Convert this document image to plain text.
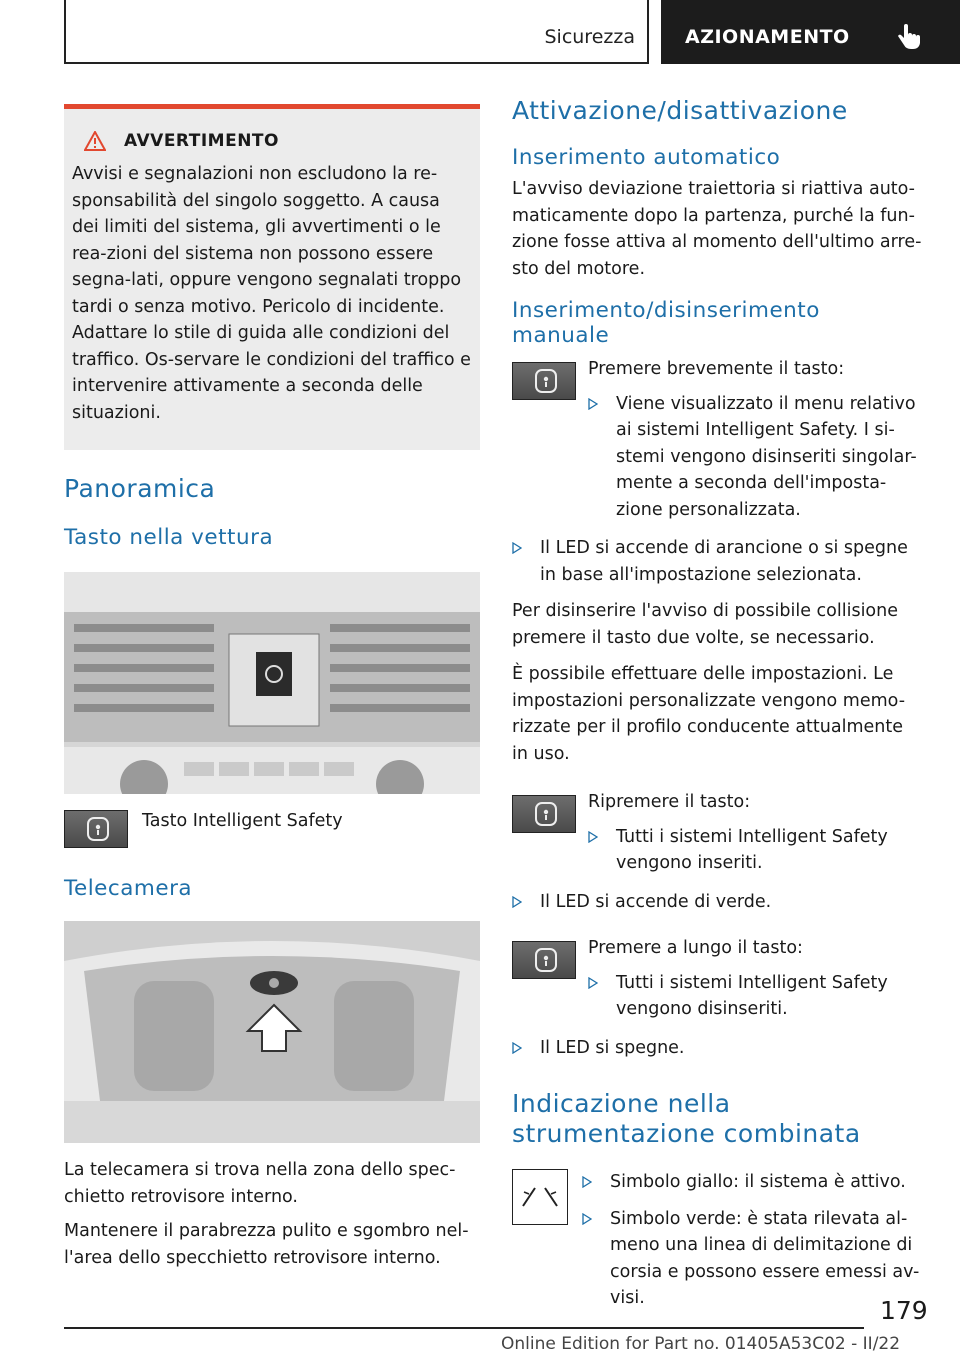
Sicurezza	AZIONAMENTO
AVVERTIMENTO

Avvisi e segnalazioni non escludono la re-sponsabilità del singolo soggetto. A causa dei limiti del sistema, gli avvertimenti o le rea-zioni del sistema non possono essere segna-lati, oppure vengono segnalati troppo tardi o senza motivo. Pericolo di incidente. Adattare lo stile di guida alle condizioni del traffico. Os-servare le condizioni del traffico e intervenire attivamente a seconda delle situazioni.

Panoramica
Tasto nella vettura

Tasto Intelligent Safety

Telecamera

La telecamera si trova nella zona dello spec-chietto retrovisore interno.

Mantenere il parabrezza pulito e sgombro nel-l'area dello specchietto retrovisore interno.

Attivazione/disattivazione
Inserimento automatico

L'avviso deviazione traiettoria si riattiva auto-maticamente dopo la partenza, purché la fun-zione fosse attiva al momento dell'ultimo arre-sto del motore.

Inserimento/disinserimento manuale

Premere brevemente il tasto:

Viene visualizzato il menu relativo ai sistemi Intelligent Safety. I si-stemi vengono disinseriti singolar-mente a seconda dell'imposta-zione personalizzata.
Il LED si accende di arancione o si spegne in base all'impostazione selezionata.

Per disinserire l'avviso di possibile collisione premere il tasto due volte, se necessario.

È possibile effettuare delle impostazioni. Le impostazioni personalizzate vengono memo-rizzate per il profilo conducente attualmente in uso.

Ripremere il tasto:

Tutti i sistemi Intelligent Safety vengono inseriti.
Il LED si accende di verde.

Premere a lungo il tasto:

Tutti i sistemi Intelligent Safety vengono disinseriti.
Il LED si spegne.
Indicazione nella strumentazione combinata
Simbolo giallo: il sistema è attivo.
Simbolo verde: è stata rilevata al-meno una linea di delimitazione di corsia e possono essere emessi av-visi.	179
Online Edition for Part no. 01405A53C02 - II/22
